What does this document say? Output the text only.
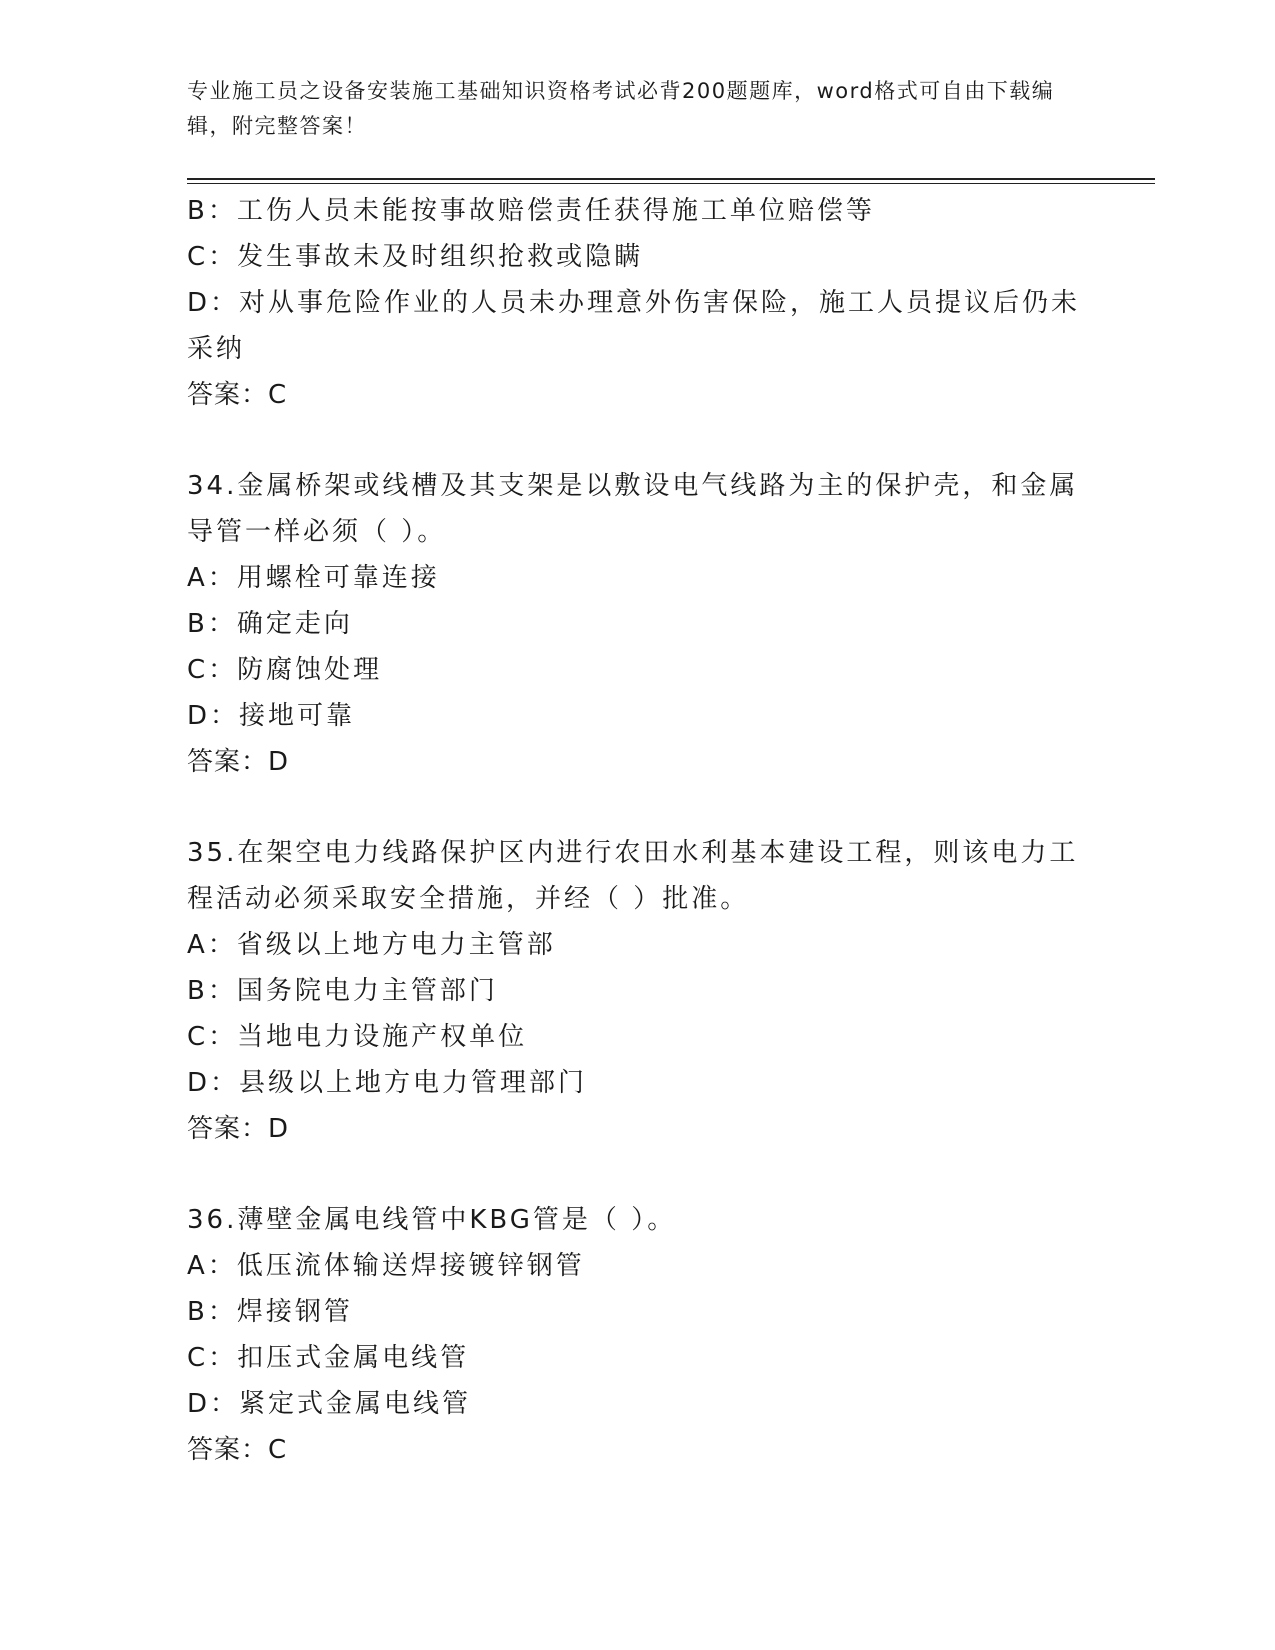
专业施工员之设备安装施工基础知识资格考试必背200题题库，word格式可自由下载编辑，附完整答案！

B：工伤人员未能按事故赔偿责任获得施工单位赔偿等

C：发生事故未及时组织抢救或隐瞒

D：对从事危险作业的人员未办理意外伤害保险，施工人员提议后仍未采纳

答案：C

34.金属桥架或线槽及其支架是以敷设电气线路为主的保护壳，和金属导管一样必须（ ）。

A：用螺栓可靠连接

B：确定走向

C：防腐蚀处理

D：接地可靠

答案：D

35.在架空电力线路保护区内进行农田水利基本建设工程，则该电力工程活动必须采取安全措施，并经（ ）批准。

A：省级以上地方电力主管部

B：国务院电力主管部门

C：当地电力设施产权单位

D：县级以上地方电力管理部门

答案：D

36.薄壁金属电线管中KBG管是（ ）。

A：低压流体输送焊接镀锌钢管

B：焊接钢管

C：扣压式金属电线管

D：紧定式金属电线管

答案：C
